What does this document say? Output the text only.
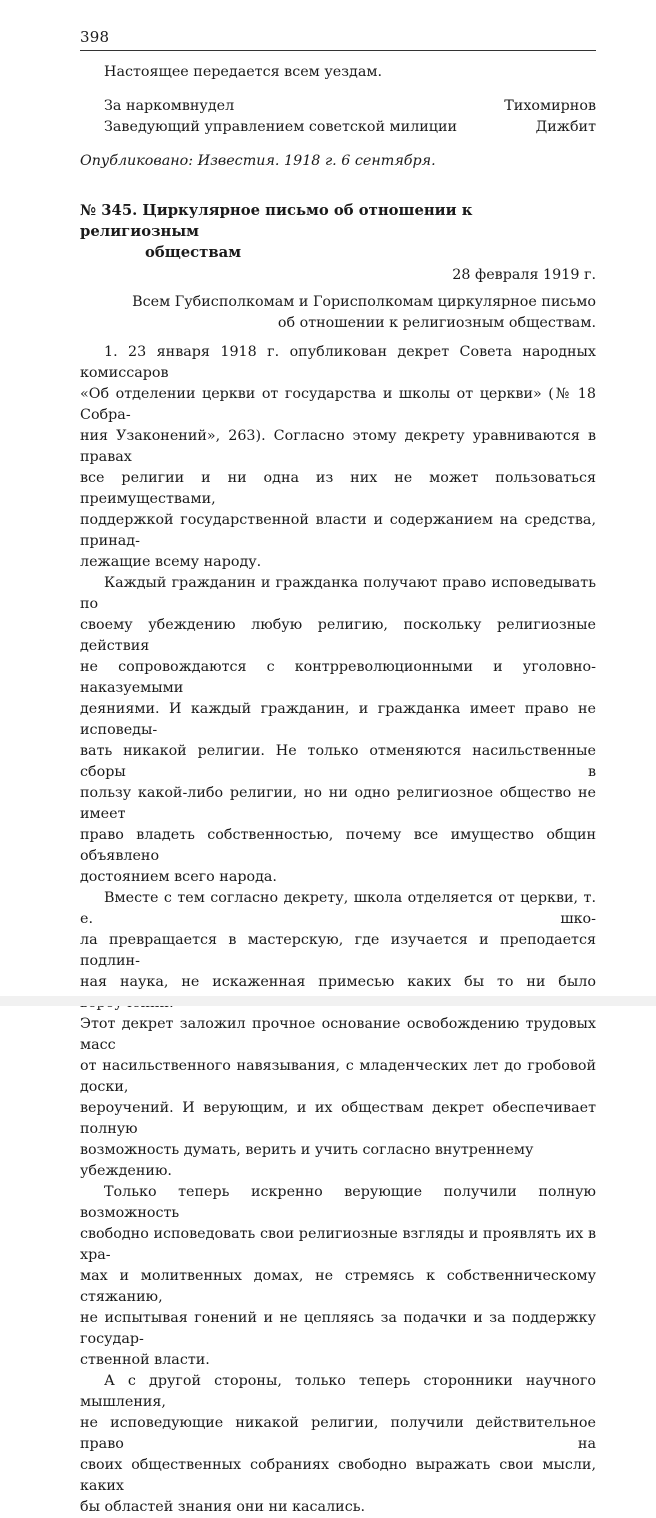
398

Настоящее передается всем уездам.

За наркомвнудел	Тихомирнов
Заведующий управлением советской милиции	Дижбит

Опубликовано: Известия. 1918 г. 6 сентября.

№ 345. Циркулярное письмо об отношении к религиозным

обществам

28 февраля 1919 г.

Всем Губисполкомам и Горисполкомам циркулярное письмо

об отношении к религиозным обществам.

1. 23 января 1918 г. опубликован декрет Совета народных комиссаров

«Об отделении церкви от государства и школы от церкви» (№ 18 Собра-

ния Узаконений», 263). Согласно этому декрету уравниваются в правах

все религии и ни одна из них не может пользоваться преимуществами,

поддержкой государственной власти и содержанием на средства, принад-

лежащие всему народу.

Каждый гражданин и гражданка получают право исповедывать по

своему убеждению любую религию, поскольку религиозные действия

не сопровождаются с контрреволюционными и уголовно-наказуемыми

деяниями. И каждый гражданин, и гражданка имеет право не исповеды-

вать никакой религии. Не только отменяются насильственные сборы в

пользу какой-либо религии, но ни одно религиозное общество не имеет

право владеть собственностью, почему все имущество общин объявлено

достоянием всего народа.

Вместе с тем согласно декрету, школа отделяется от церкви, т. е. шко-

ла превращается в мастерскую, где изучается и преподается подлин-

ная наука, не искаженная примесью каких бы то ни было

Этот декрет заложил прочное основание освобождению трудовых масс

от насильственного навязывания, с младенческих лет до гробовой доски,

вероучений. И верующим, и их обществам декрет обеспечивает полную

возможность думать, верить и учить согласно внутреннему убеждению.

Только теперь искренно верующие получили полную возможность

свободно исповедовать свои религиозные взгляды и проявлять их в хра-

мах и молитвенных домах, не стремясь к собственническому стяжанию,

не испытывая гонений и не цепляясь за подачки и за поддержку государ-

ственной власти.

А с другой стороны, только теперь сторонники научного мышления,

не исповедующие никакой религии, получили действительное право на

своих общественных собраниях свободно выражать свои мысли, каких

бы областей знания они ни касались.
